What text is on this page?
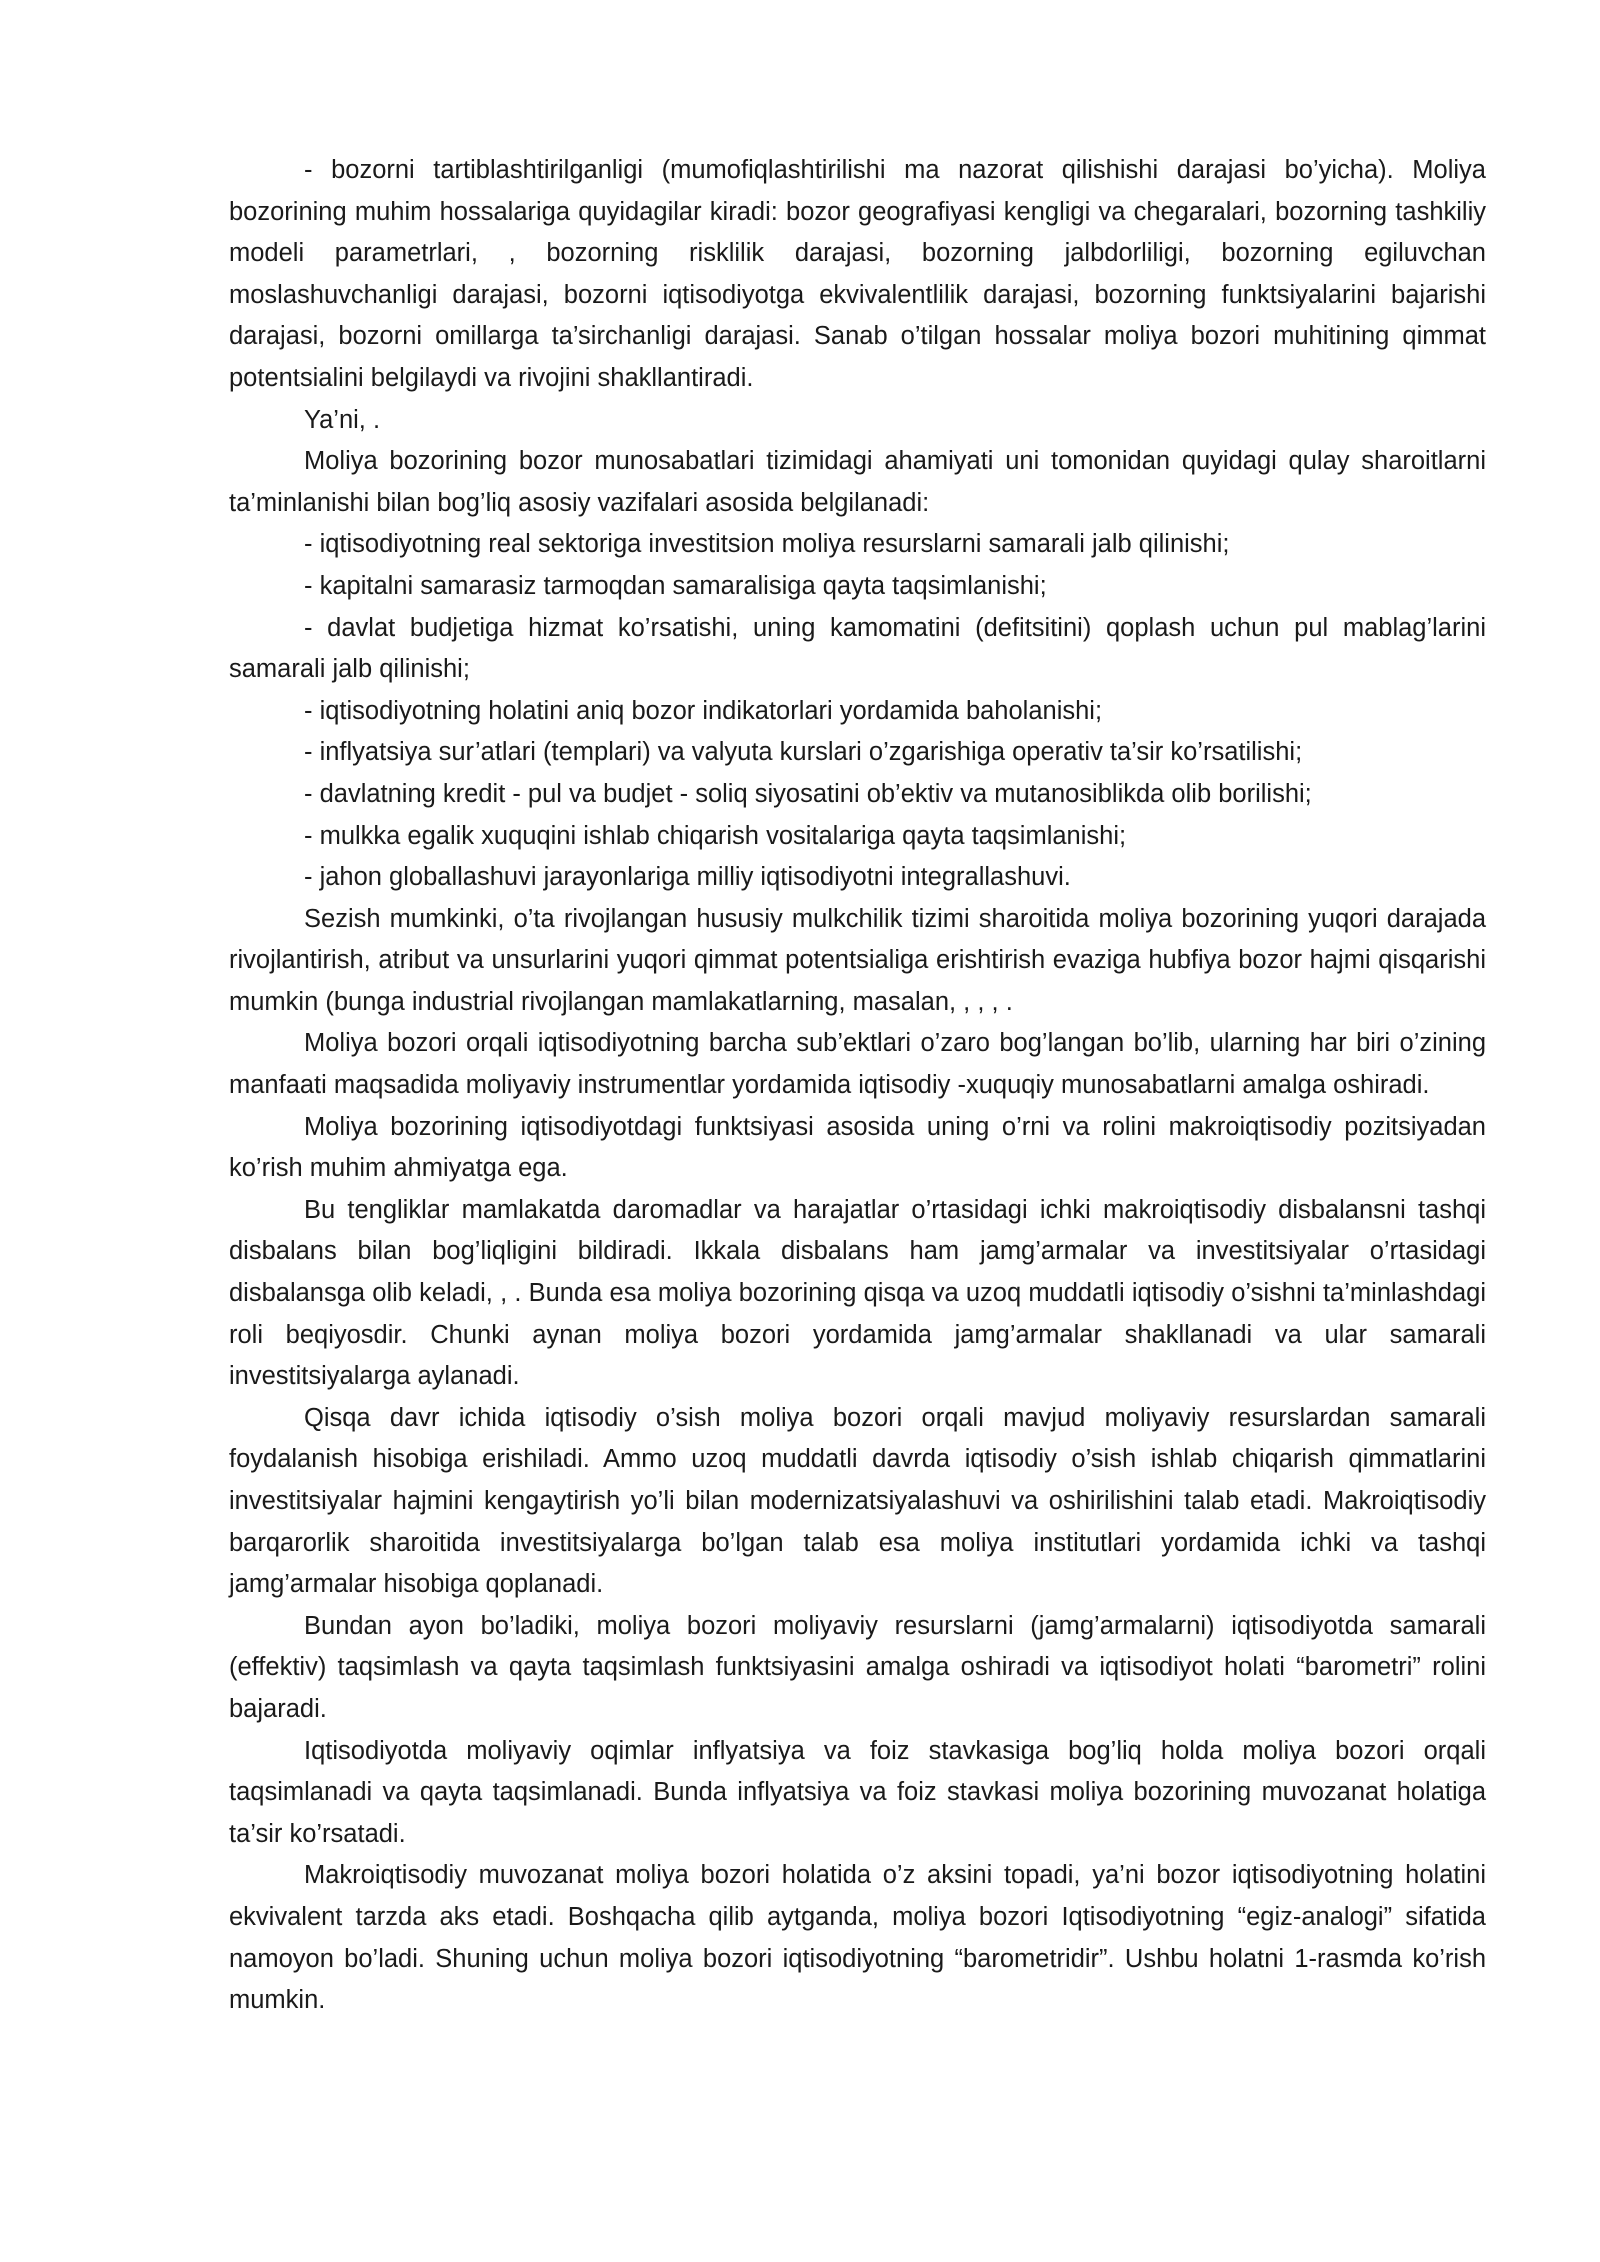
- bozorni tartiblashtirilganligi (mumofiqlashtirilishi ma nazorat qilishishi darajasi bo’yicha). Moliya bozorining muhim hossalariga quyidagilar kiradi: bozor geografiyasi kengligi va chegaralari, bozorning tashkiliy modeli parametrlari, , bozorning risklilik darajasi, bozorning jalbdorliligi, bozorning egiluvchan moslashuvchanligi darajasi, bozorni iqtisodiyotga ekvivalentlilik darajasi, bozorning funktsiyalarini bajarishi darajasi, bozorni omillarga ta’sirchanligi darajasi. Sanab o’tilgan hossalar moliya bozori muhitining qimmat potentsialini belgilaydi va rivojini shakllantiradi.

Ya’ni, .

Moliya bozorining bozor munosabatlari tizimidagi ahamiyati uni tomonidan quyidagi qulay sharoitlarni ta’minlanishi bilan bog’liq asosiy vazifalari asosida belgilanadi:

- iqtisodiyotning real sektoriga investitsion moliya resurslarni samarali jalb qilinishi;

- kapitalni samarasiz tarmoqdan samaralisiga qayta taqsimlanishi;

- davlat budjetiga hizmat ko’rsatishi, uning kamomatini (defitsitini) qoplash uchun pul mablag’larini samarali jalb qilinishi;

- iqtisodiyotning holatini aniq bozor indikatorlari yordamida baholanishi;

- inflyatsiya sur’atlari (templari) va valyuta kurslari o’zgarishiga operativ ta’sir ko’rsatilishi;

- davlatning kredit - pul va budjet - soliq siyosatini ob’ektiv va mutanosiblikda olib borilishi;

- mulkka egalik xuquqini ishlab chiqarish vositalariga qayta taqsimlanishi;

- jahon globallashuvi jarayonlariga milliy iqtisodiyotni integrallashuvi.

Sezish mumkinki, o’ta rivojlangan hususiy mulkchilik tizimi sharoitida moliya bozorining yuqori darajada rivojlantirish, atribut va unsurlarini yuqori qimmat potentsialiga erishtirish evaziga hubfiya bozor hajmi qisqarishi mumkin (bunga industrial rivojlangan mamlakatlarning, masalan, , , , .

Moliya bozori orqali iqtisodiyotning barcha sub’ektlari o’zaro bog’langan bo’lib, ularning har biri o’zining manfaati maqsadida moliyaviy instrumentlar yordamida iqtisodiy -xuquqiy munosabatlarni amalga oshiradi.

Moliya bozorining iqtisodiyotdagi funktsiyasi asosida uning o’rni va rolini makroiqtisodiy pozitsiyadan ko’rish muhim ahmiyatga ega.

Bu tengliklar mamlakatda daromadlar va harajatlar o’rtasidagi ichki makroiqtisodiy disbalansni tashqi disbalans bilan bog’liqligini bildiradi. Ikkala disbalans ham jamg’armalar va investitsiyalar o’rtasidagi disbalansga olib keladi, , . Bunda esa moliya bozorining qisqa va uzoq muddatli iqtisodiy o’sishni ta’minlashdagi roli beqiyosdir. Chunki aynan moliya bozori yordamida jamg’armalar shakllanadi va ular samarali investitsiyalarga aylanadi.

Qisqa davr ichida iqtisodiy o’sish moliya bozori orqali mavjud moliyaviy resurslardan samarali foydalanish hisobiga erishiladi. Ammo uzoq muddatli davrda iqtisodiy o’sish ishlab chiqarish qimmatlarini investitsiyalar hajmini kengaytirish yo’li bilan modernizatsiyalashuvi va oshirilishini talab etadi. Makroiqtisodiy barqarorlik sharoitida investitsiyalarga bo’lgan talab esa moliya institutlari yordamida ichki va tashqi jamg’armalar hisobiga qoplanadi.

Bundan ayon bo’ladiki, moliya bozori moliyaviy resurslarni (jamg’armalarni) iqtisodiyotda samarali (effektiv) taqsimlash va qayta taqsimlash funktsiyasini amalga oshiradi va iqtisodiyot holati “barometri” rolini bajaradi.

Iqtisodiyotda moliyaviy oqimlar inflyatsiya va foiz stavkasiga bog’liq holda moliya bozori orqali taqsimlanadi va qayta taqsimlanadi. Bunda inflyatsiya va foiz stavkasi moliya bozorining muvozanat holatiga ta’sir ko’rsatadi.

Makroiqtisodiy muvozanat moliya bozori holatida o’z aksini topadi, ya’ni bozor iqtisodiyotning holatini ekvivalent tarzda aks etadi. Boshqacha qilib aytganda, moliya bozori Iqtisodiyotning “egiz-analogi” sifatida namoyon bo’ladi. Shuning uchun moliya bozori iqtisodiyotning “barometridir”. Ushbu holatni 1-rasmda ko’rish mumkin.
